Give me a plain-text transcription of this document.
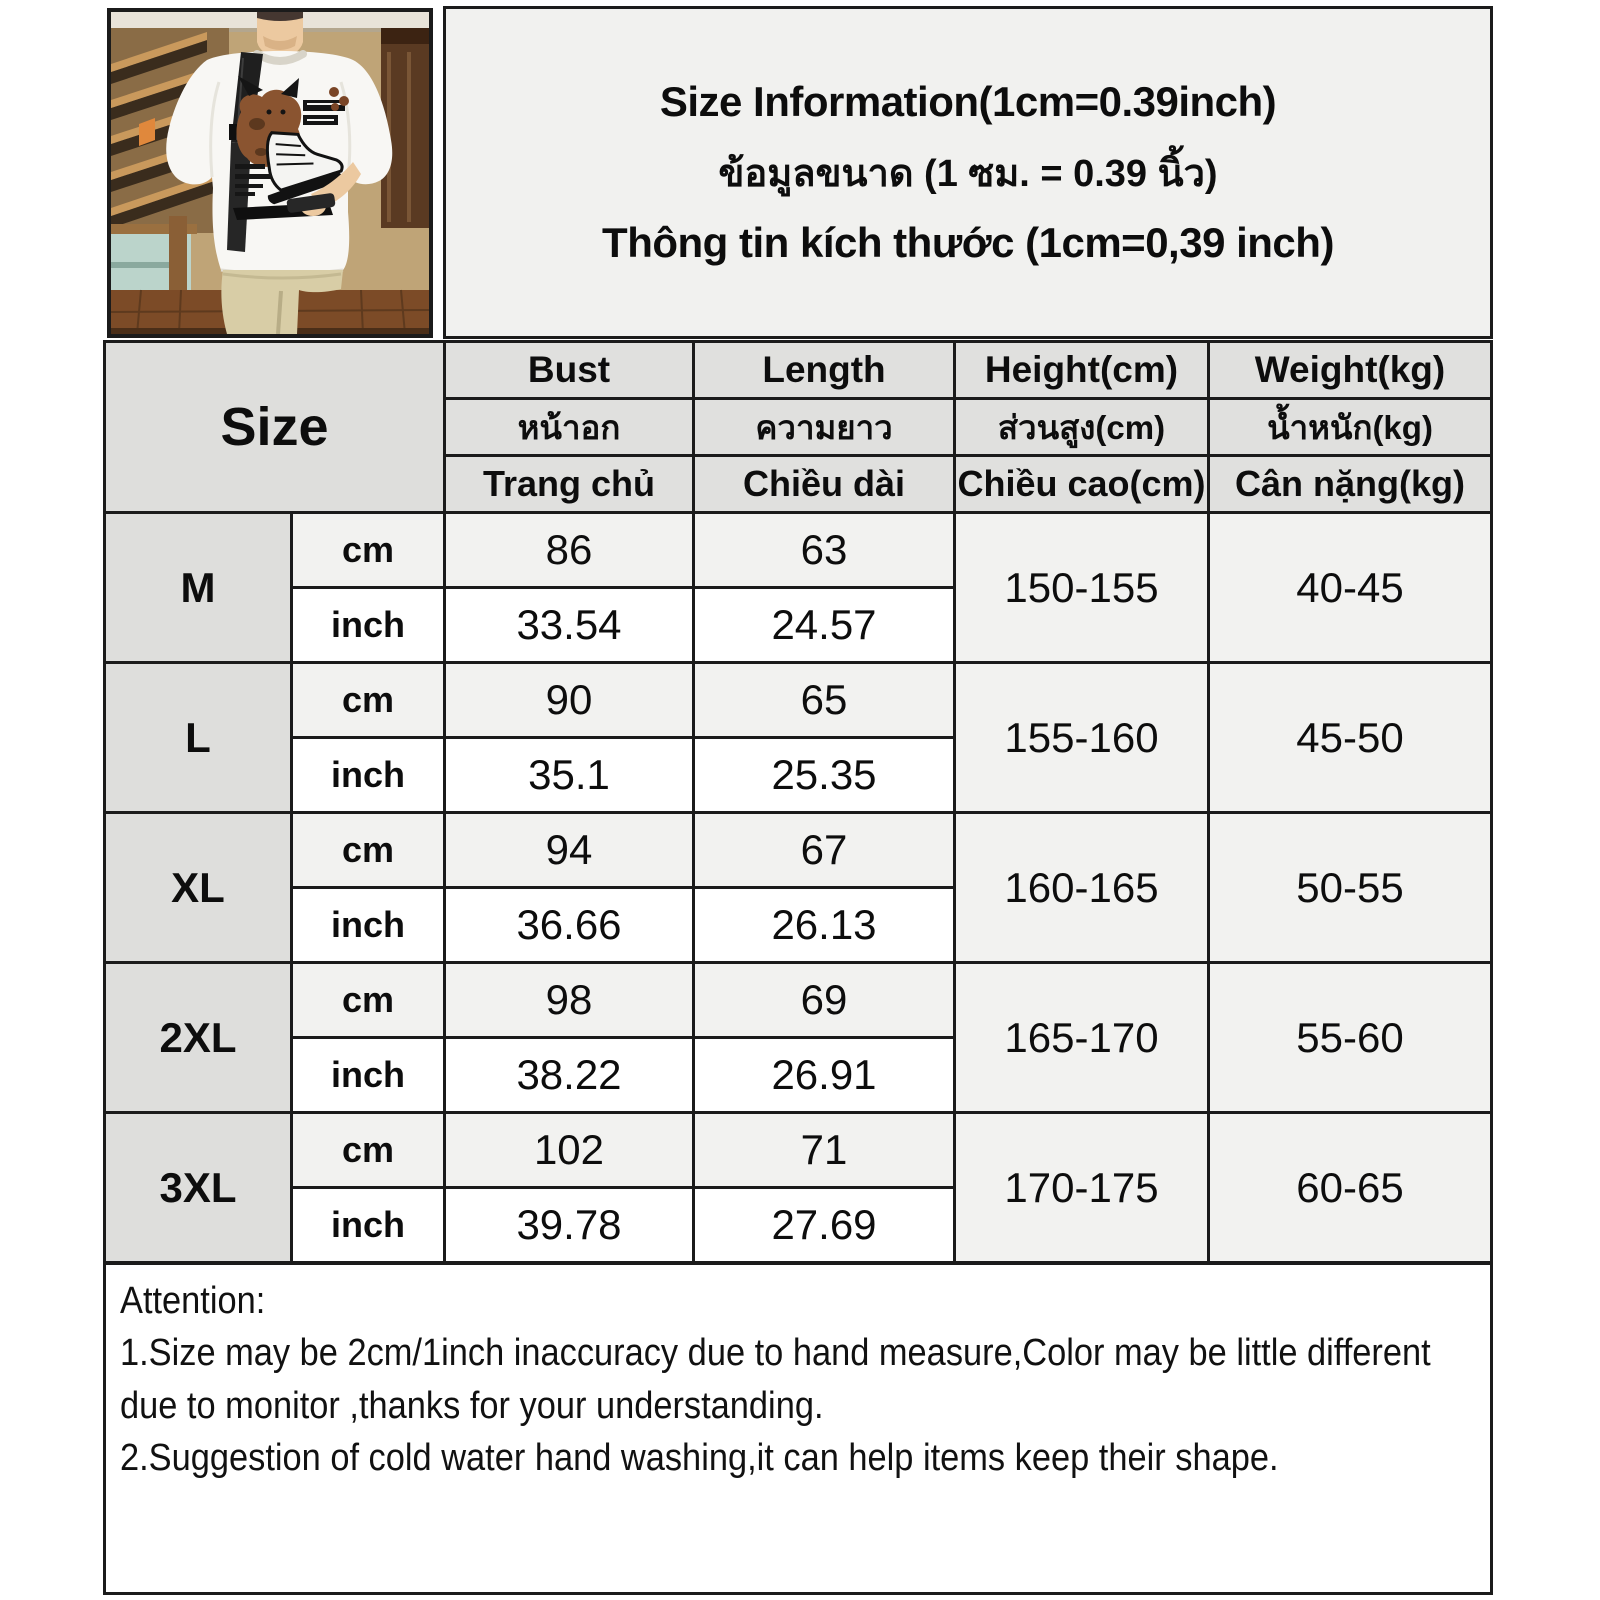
Size Information(1cm=0.39inch)
ข้อมูลขนาด (1 ซม. = 0.39 นิ้ว)
Thông tin kích thước (1cm=0,39 inch)
Size		Bust	Length	Height(cm)	Weight(kg)
		หน้าอก	ความยาว	ส่วนสูง(cm)	น้ำหนัก(kg)
		Trang chủ	Chiều dài	Chiều cao(cm)	Cân nặng(kg)
M	cm	86	63	150-155	40-45
	inch	33.54	24.57		
L	cm	90	65	155-160	45-50
	inch	35.1	25.35		
XL	cm	94	67	160-165	50-55
	inch	36.66	26.13		
2XL	cm	98	69	165-170	55-60
	inch	38.22	26.91		
3XL	cm	102	71	170-175	60-65
	inch	39.78	27.69		
Attention:
1.Size may be 2cm/1inch inaccuracy due to hand measure,Color may be little different due to monitor ,thanks for your understanding.
2.Suggestion of cold water hand washing,it can help items keep their shape.
